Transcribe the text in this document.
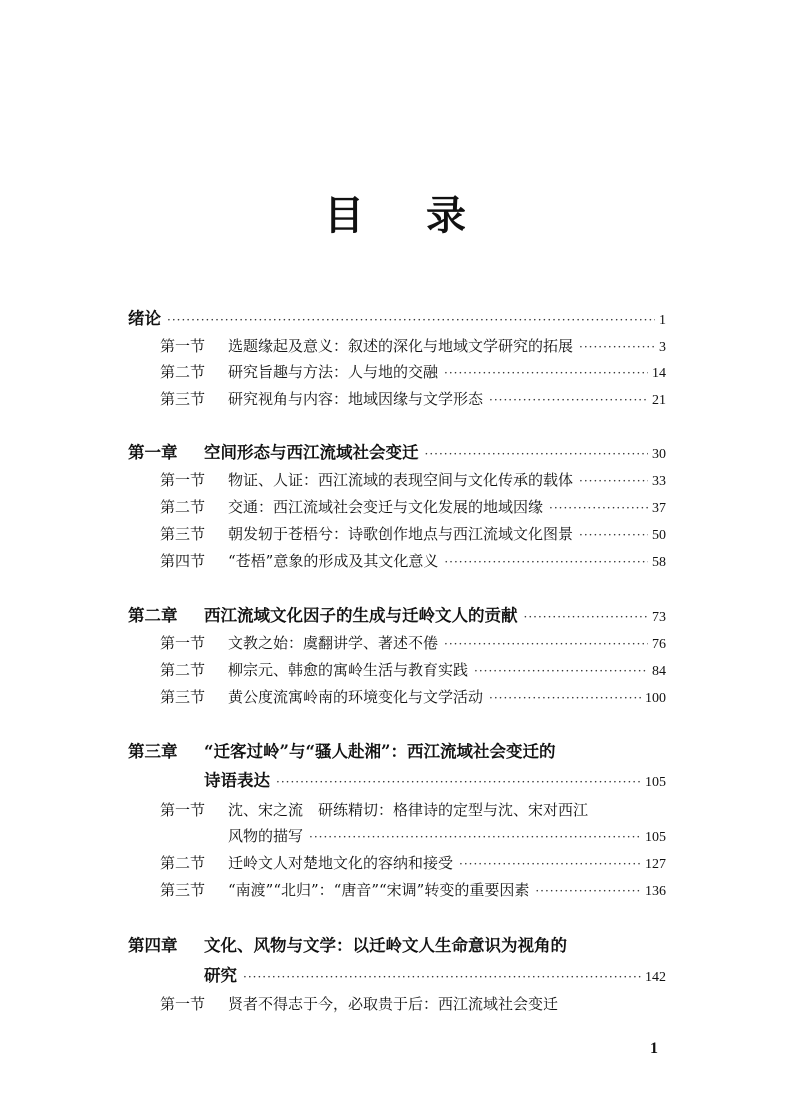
目 录
绪论 ·····	1
第一节 选题缘起及意义：叙述的深化与地域文学研究的拓展 ·····	3
第二节 研究旨趣与方法：人与地的交融 ·····	14
第三节 研究视角与内容：地域因缘与文学形态 ·····	21
第一章 空间形态与西江流域社会变迁 ·····	30
第一节 物证、人证：西江流域的表现空间与文化传承的载体 ·····	33
第二节 交通：西江流域社会变迁与文化发展的地域因缘 ·····	37
第三节 朝发轫于苍梧兮：诗歌创作地点与西江流域文化图景 ·····	50
第四节 “苍梧”意象的形成及其文化意义 ·····	58
第二章 西江流域文化因子的生成与迁岭文人的贡献 ·····	73
第一节 文教之始：虞翻讲学、著述不倦 ·····	76
第二节 柳宗元、韩愈的寓岭生活与教育实践 ·····	84
第三节 黄公度流寓岭南的环境变化与文学活动 ·····	100
第三章 “迁客过岭”与“骚人赴湘”：西江流域社会变迁的
诗语表达 ·····	105
第一节 沈、宋之流　研练精切：格律诗的定型与沈、宋对西江
风物的描写 ·····	105
第二节 迁岭文人对楚地文化的容纳和接受 ·····	127
第三节 “南渡”“北归”：“唐音”“宋调”转变的重要因素 ·····	136
第四章 文化、风物与文学：以迁岭文人生命意识为视角的
研究 ·····	142
第一节 贤者不得志于今，必取贵于后：西江流域社会变迁
1
